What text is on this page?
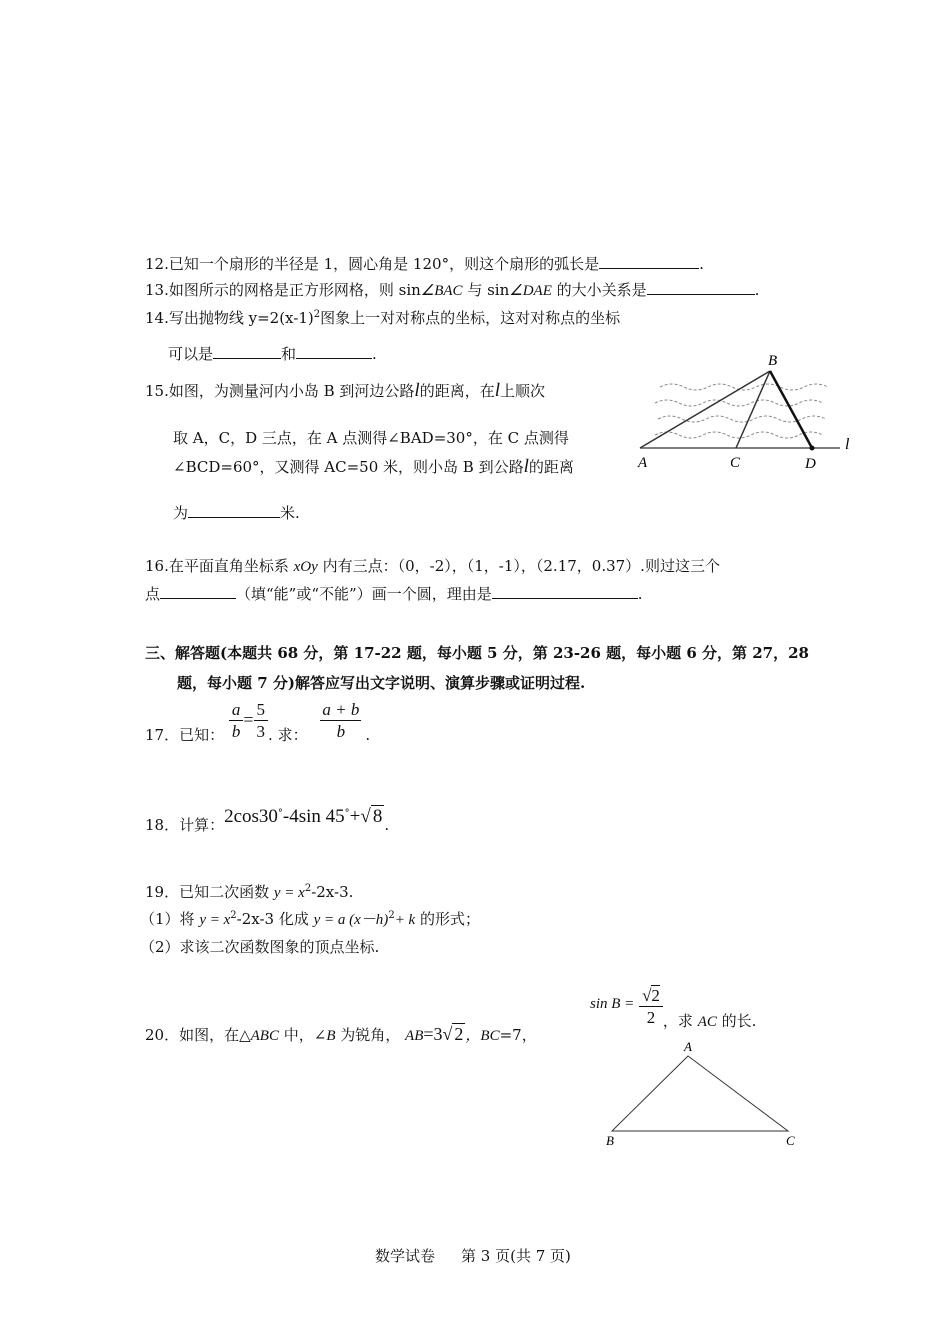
12.已知一个扇形的半径是 1，圆心角是 120°，则这个扇形的弧长是	.
13.如图所示的网格是正方形网格，则 sin∠BAC 与 sin∠DAE 的大小关系是	.
14.写出抛物线 $y=2(x-1)^2$图象上一对对称点的坐标，这对对称点的坐标
可以是	和	.
15.如图，为测量河内小岛 B 到河边公路l的距离，在l上顺次
取 A，C，D 三点，在 A 点测得∠BAD=30°，在 C 点测得
∠BCD=60°，又测得 AC=50 米，则小岛 B 到公路l的距离
为	米.
B
A	C	D
l
16.在平面直角坐标系 xOy 内有三点：（0，-2），（1，-1），（2.17，0.37）.则过这三个
点	（填“能”或“不能”）画一个圆，理由是	.
三、解答题(本题共 68 分，第 17-22 题，每小题 5 分，第 23-26 题，每小题 6 分，第 27，28
题，每小题 7 分)解答应写出文字说明、演算步骤或证明过程.
17．已知： $\frac{a}{b} = \frac{5}{3}$ . 求： $\frac{a + b}{b}$ .
18．计算：2cos30°-4sin 45°+√ 8 .
19．已知二次函数 $y = x^2-2x-3$.
（1）将 $y = x^2-2x-3$ 化成 y = a $(x-h)^2+ k$ 的形式；
（2）求该二次函数图象的顶点坐标.
20．如图，在△ABC 中，∠B 为锐角， AB=3√ 2 ，BC=7，
$\sin B = \frac{√2}{2}$ ，求 AC 的长.
A
B	C
数学试卷 第 3 页(共 7 页)
